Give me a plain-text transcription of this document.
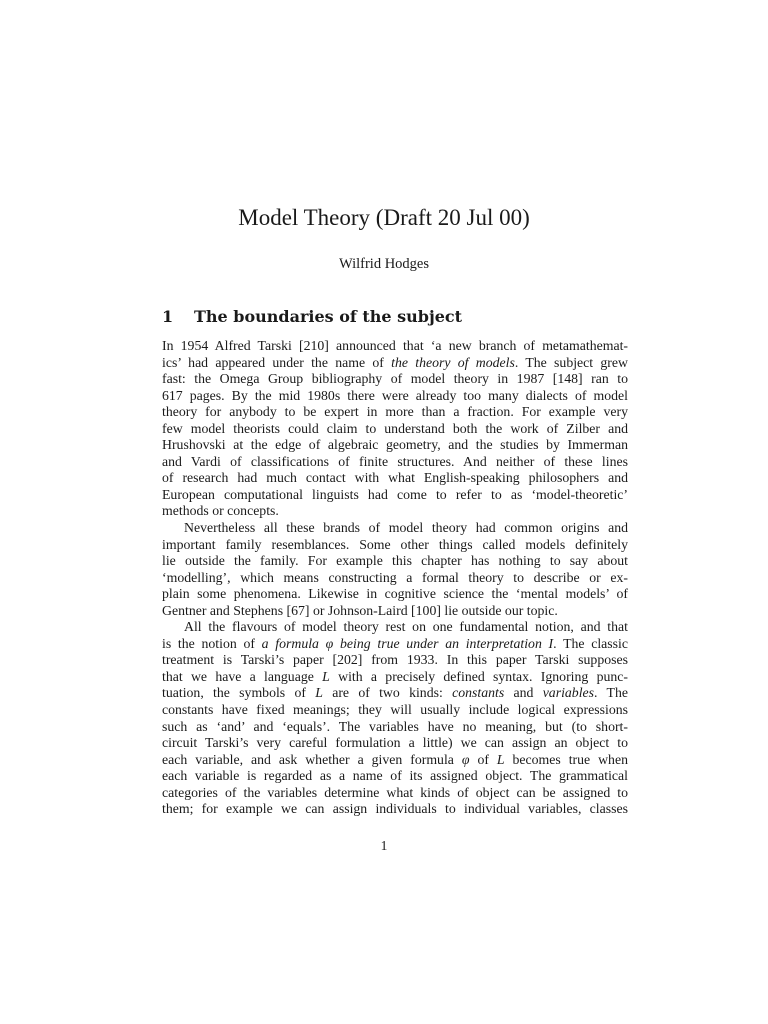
Model Theory (Draft 20 Jul 00)
Wilfrid Hodges
1 The boundaries of the subject
In 1954 Alfred Tarski [210] announced that ‘a new branch of metamathemat-
ics’ had appeared under the name of the theory of models. The subject grew
fast: the Omega Group bibliography of model theory in 1987 [148] ran to
617 pages. By the mid 1980s there were already too many dialects of model
theory for anybody to be expert in more than a fraction. For example very
few model theorists could claim to understand both the work of Zilber and
Hrushovski at the edge of algebraic geometry, and the studies by Immerman
and Vardi of classifications of finite structures. And neither of these lines
of research had much contact with what English-speaking philosophers and
European computational linguists had come to refer to as ‘model-theoretic’
methods or concepts.
Nevertheless all these brands of model theory had common origins and
important family resemblances. Some other things called models definitely
lie outside the family. For example this chapter has nothing to say about
‘modelling’, which means constructing a formal theory to describe or ex-
plain some phenomena. Likewise in cognitive science the ‘mental models’ of
Gentner and Stephens [67] or Johnson-Laird [100] lie outside our topic.
All the flavours of model theory rest on one fundamental notion, and that
is the notion of a formula φ being true under an interpretation I. The classic
treatment is Tarski’s paper [202] from 1933. In this paper Tarski supposes
that we have a language L with a precisely defined syntax. Ignoring punc-
tuation, the symbols of L are of two kinds: constants and variables. The
constants have fixed meanings; they will usually include logical expressions
such as ‘and’ and ‘equals’. The variables have no meaning, but (to short-
circuit Tarski’s very careful formulation a little) we can assign an object to
each variable, and ask whether a given formula φ of L becomes true when
each variable is regarded as a name of its assigned object. The grammatical
categories of the variables determine what kinds of object can be assigned to
them; for example we can assign individuals to individual variables, classes
1
